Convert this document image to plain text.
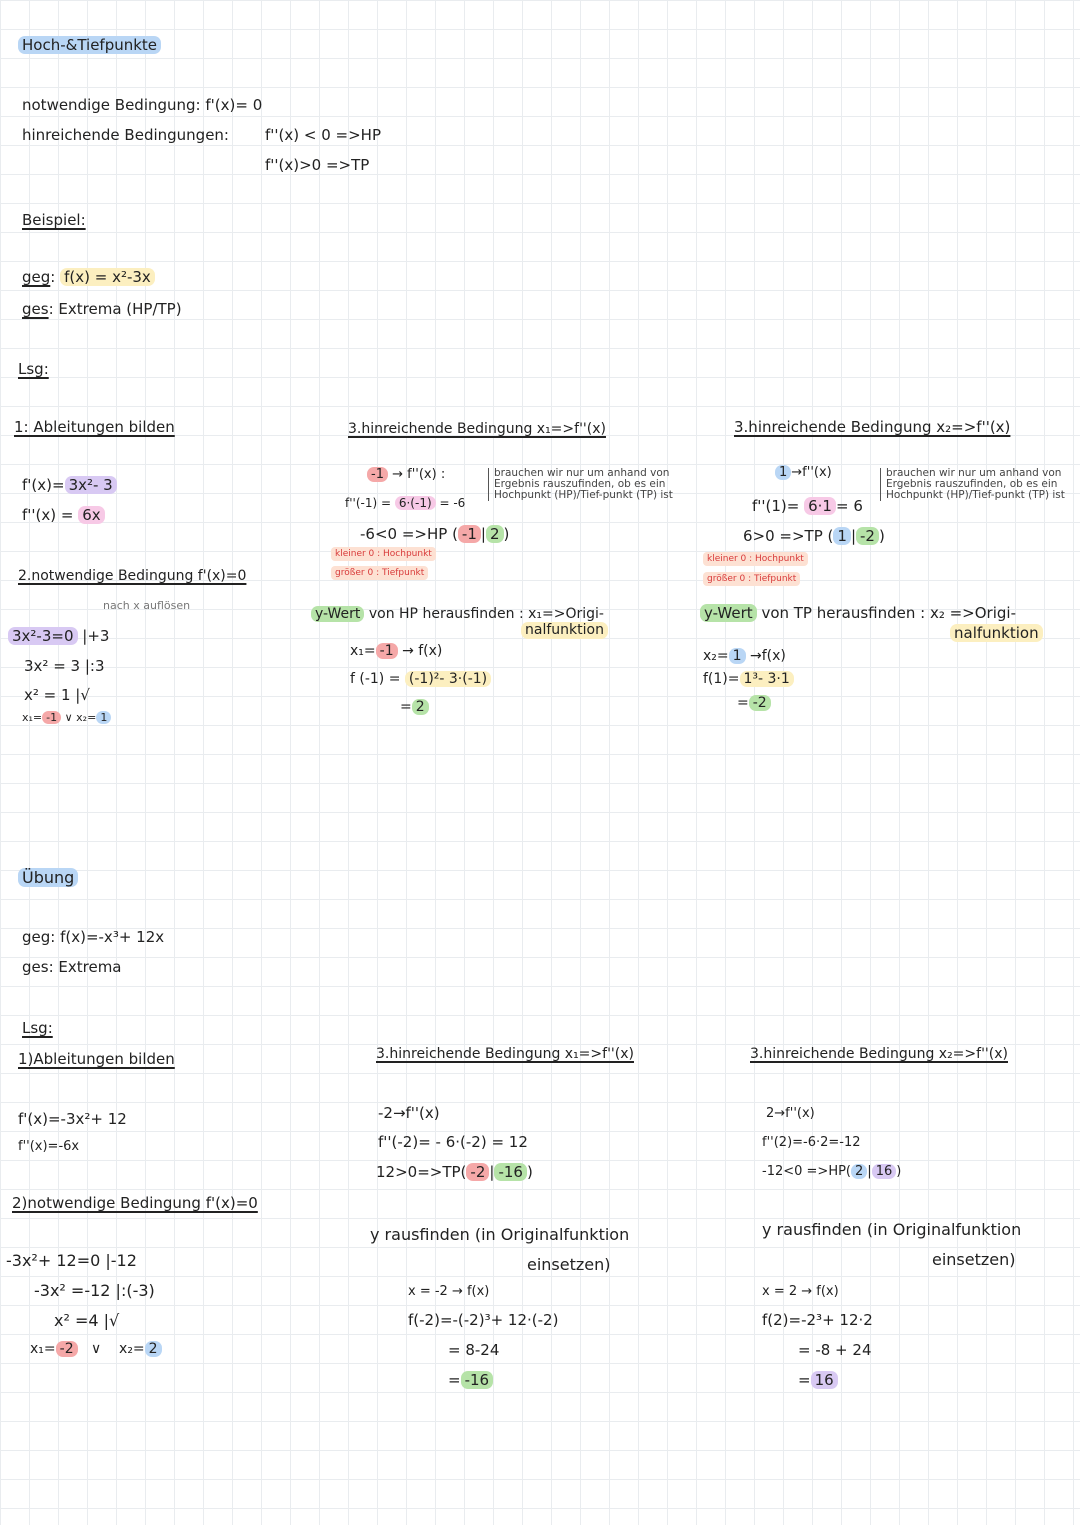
Hoch-&Tiefpunkte
notwendige Bedingung: f'(x)= 0
hinreichende Bedingungen: f''(x) < 0 =>HP
f''(x)>0 =>TP
Beispiel:
geg: f(x) = x²-3x
ges: Extrema (HP/TP)
Lsg:
1: Ableitungen bilden
f'(x)= 3x²- 3
f''(x) = 6x
2.notwendige Bedingung f'(x)=0
nach x auflösen
3x²-3=0 |+3
3x² = 3 |:3
x² = 1 |√
x₁= -1 ∨ x₂= 1
3.hinreichende Bedingung x₁=>f''(x)
-1 → f''(x) :
f''(-1) = 6·(-1) = -6
brauchen wir nur um anhand von Ergebnis rauszufinden, ob es ein Hochpunkt (HP)/Tief-punkt (TP) ist
-6<0 =>HP ( -1 | 2 )
kleiner 0 : Hochpunkt
größer 0 : Tiefpunkt
y-Wert von HP herausfinden : x₁=>Origi-
nalfunktion
x₁= -1 → f(x)
f (-1) = (-1)²- 3·(-1)
= 2
3.hinreichende Bedingung x₂=>f''(x)
1 →f''(x)
f''(1)= 6·1 = 6
brauchen wir nur um anhand von Ergebnis rauszufinden, ob es ein Hochpunkt (HP)/Tief-punkt (TP) ist
6>0 =>TP ( 1 | -2 )
kleiner 0 : Hochpunkt
größer 0 : Tiefpunkt
y-Wert von TP herausfinden : x₂ =>Origi-
nalfunktion
x₂= 1 →f(x)
f(1)= 1³- 3·1
= -2
Übung
geg: f(x)=-x³+ 12x
ges: Extrema
Lsg:
1)Ableitungen bilden
f'(x)=-3x²+ 12
f''(x)=-6x
2)notwendige Bedingung f'(x)=0
-3x²+ 12=0 |-12
-3x² =-12 |:(-3)
x² =4 |√
x₁= -2 ∨ x₂= 2
3.hinreichende Bedingung x₁=>f''(x)
-2→f''(x)
f''(-2)= - 6·(-2) = 12
12>0=>TP( -2 | -16 )
y rausfinden (in Originalfunktion
einsetzen)
x = -2 → f(x)
f(-2)=-(-2)³+ 12·(-2)
= 8-24
= -16
3.hinreichende Bedingung x₂=>f''(x)
2→f''(x)
f''(2)=-6·2=-12
-12<0 =>HP( 2 | 16 )
y rausfinden (in Originalfunktion
einsetzen)
x = 2 → f(x)
f(2)=-2³+ 12·2
= -8 + 24
= 16
